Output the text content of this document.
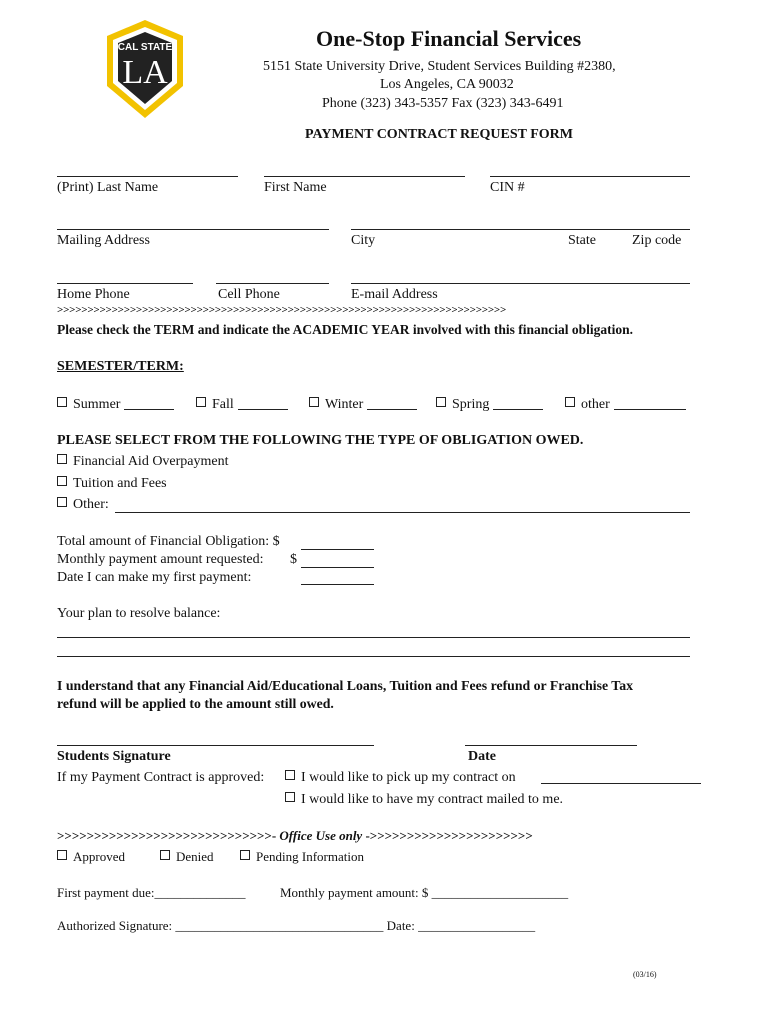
CAL STATE
LA
One-Stop Financial Services
5151 State University Drive, Student Services Building #2380,
Los Angeles, CA 90032
Phone (323) 343-5357 Fax (323) 343-6491
PAYMENT CONTRACT REQUEST FORM
(Print) Last Name	First Name	CIN #
Mailing Address	City	State	Zip code
Home Phone	Cell Phone	E-mail Address
>>>>>>>>>>>>>>>>>>>>>>>>>>>>>>>>>>>>>>>>>>>>>>>>>>>>>>>>>>>>>>>>>>>>>>>>>>
Please check the TERM and indicate the ACADEMIC YEAR involved with this financial obligation.
SEMESTER/TERM:
Summer	Fall	Winter	Spring	other
PLEASE SELECT FROM THE FOLLOWING THE TYPE OF OBLIGATION OWED.
Financial Aid Overpayment
Tuition and Fees
Other:
Total amount of Financial Obligation: $
Monthly payment amount requested: $
Date I can make my first payment:
Your plan to resolve balance:
I understand that any Financial Aid/Educational Loans, Tuition and Fees refund or Franchise Tax
refund will be applied to the amount still owed.
Students Signature	Date
If my Payment Contract is approved:	I would like to pick up my contract on
I would like to have my contract mailed to me.
>>>>>>>>>>>>>>>>>>>>>>>>>>>>>- Office Use only ->>>>>>>>>>>>>>>>>>>>>>
Approved	Denied	Pending Information
First payment due:______________	Monthly payment amount: $ _____________________
Authorized Signature: ________________________________ Date: __________________
(03/16)
